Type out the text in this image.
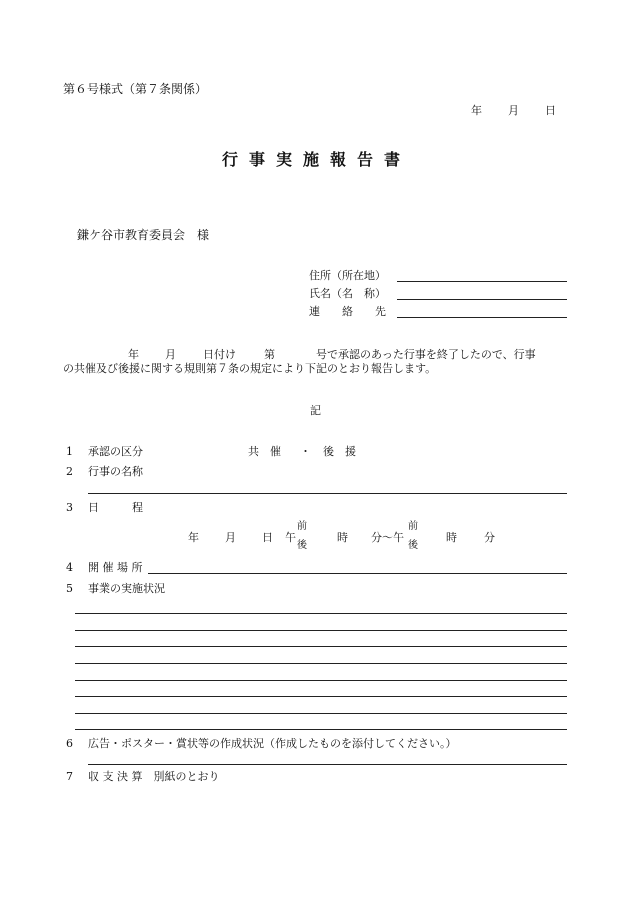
第６号様式（第７条関係）
年 月 日
行事実施報告書
鎌ケ谷市教育委員会　様
住所（所在地）
氏名（名　称）
連　　絡　　先
年 月 日付け	第	号で承認のあった行事を終了したので、行事
の共催及び後援に関する規則第７条の規定により下記のとおり報告します。
記
1 承認の区分	共　催 ・ 後　援
2 行事の名称
3 日　　　程
年 月 日 午
前
後
時 分～午
前
後
時 分
4 開 催 場 所
5 事業の実施状況
6 広告・ポスター・賞状等の作成状況（作成したものを添付してください。）
7 収 支 決 算　別紙のとおり
